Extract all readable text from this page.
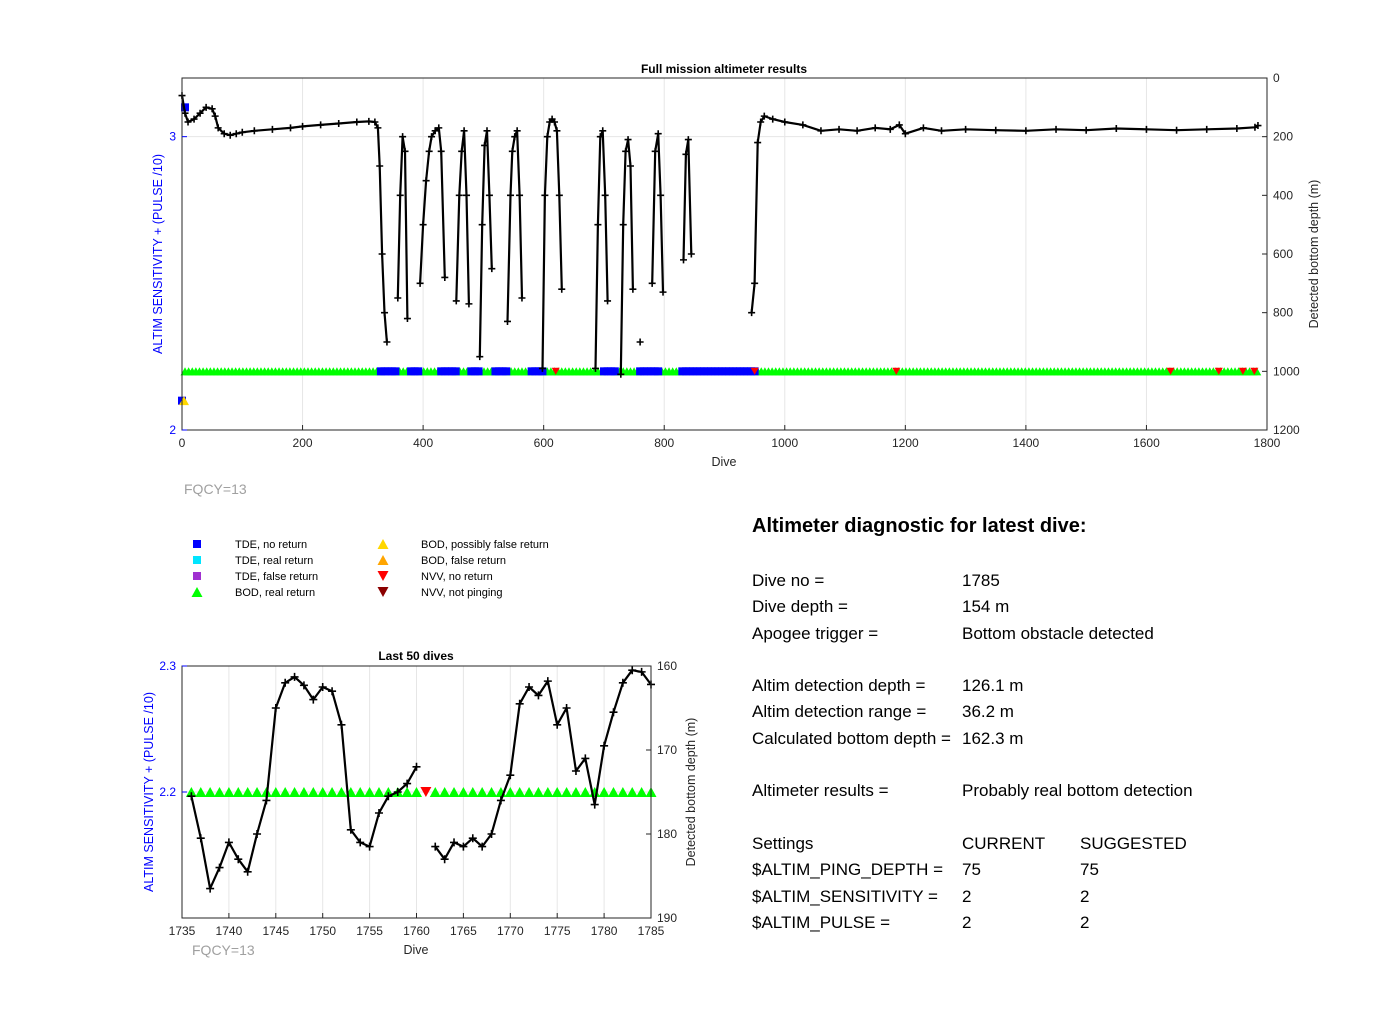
Full mission altimeter results
0	200	400	600	800	1000	1200	1400	1600	1800
2
3
0
200
400
600
800
1000
1200
Dive
ALTIM SENSITIVITY + (PULSE /10)	Detected bottom depth (m)
FQCY=13
TDE, no return
TDE, real return
TDE, false return
BOD, real return
BOD, possibly false return
BOD, false return
NVV, no return
NVV, not pinging
Last 50 dives
1735 1740 1745 1750 1755 1760 1765 1770 1775 1780 1785
2.2
2.3	160
170
180
190
Dive
ALTIM SENSITIVITY + (PULSE /10)	Detected bottom depth (m)
FQCY=13
Altimeter diagnostic for latest dive:
Dive no =	1785
Dive depth =	154 m
Apogee trigger =	Bottom obstacle detected
Altim detection depth =	126.1 m
Altim detection range =	36.2 m
Calculated bottom depth = 162.3 m
Altimeter results =	Probably real bottom detection
Settings	CURRENT	SUGGESTED
$ALTIM_PING_DEPTH =	75	75
$ALTIM_SENSITIVITY =	2	2
$ALTIM_PULSE =	2	2
